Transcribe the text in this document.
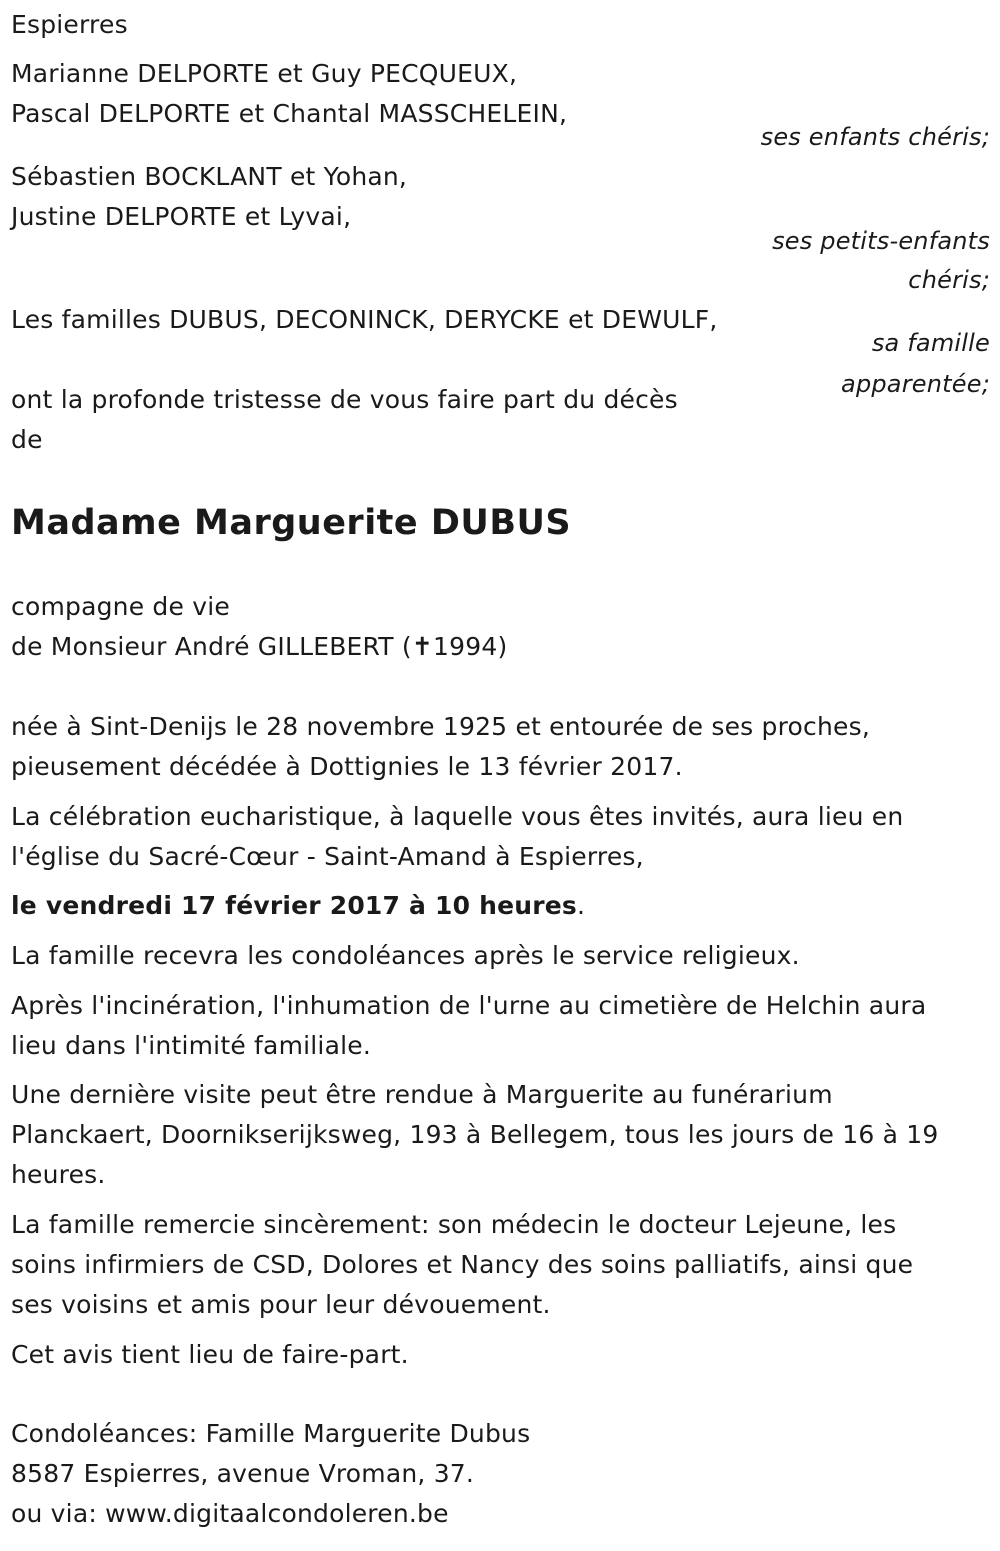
Espierres
Marianne DELPORTE et Guy PECQUEUX,
Pascal DELPORTE et Chantal MASSCHELEIN,
ses enfants chéris;
Sébastien BOCKLANT et Yohan,
Justine DELPORTE et Lyvai,
ses petits-enfants
chéris;
Les familles DUBUS, DECONINCK, DERYCKE et DEWULF,
sa famille
apparentée;
ont la profonde tristesse de vous faire part du décès
de
Madame Marguerite DUBUS
compagne de vie
de Monsieur André GILLEBERT (✝1994)
née à Sint-Denijs le 28 novembre 1925 et entourée de ses proches,
pieusement décédée à Dottignies le 13 février 2017.
La célébration eucharistique, à laquelle vous êtes invités, aura lieu en
l'église du Sacré-Cœur - Saint-Amand à Espierres,
le vendredi 17 février 2017 à 10 heures.
La famille recevra les condoléances après le service religieux.
Après l'incinération, l'inhumation de l'urne au cimetière de Helchin aura
lieu dans l'intimité familiale.
Une dernière visite peut être rendue à Marguerite au funérarium
Planckaert, Doornikserijksweg, 193 à Bellegem, tous les jours de 16 à 19
heures.
La famille remercie sincèrement: son médecin le docteur Lejeune, les
soins infirmiers de CSD, Dolores et Nancy des soins palliatifs, ainsi que
ses voisins et amis pour leur dévouement.
Cet avis tient lieu de faire-part.
Condoléances: Famille Marguerite Dubus
8587 Espierres, avenue Vroman, 37.
ou via: www.digitaalcondoleren.be
